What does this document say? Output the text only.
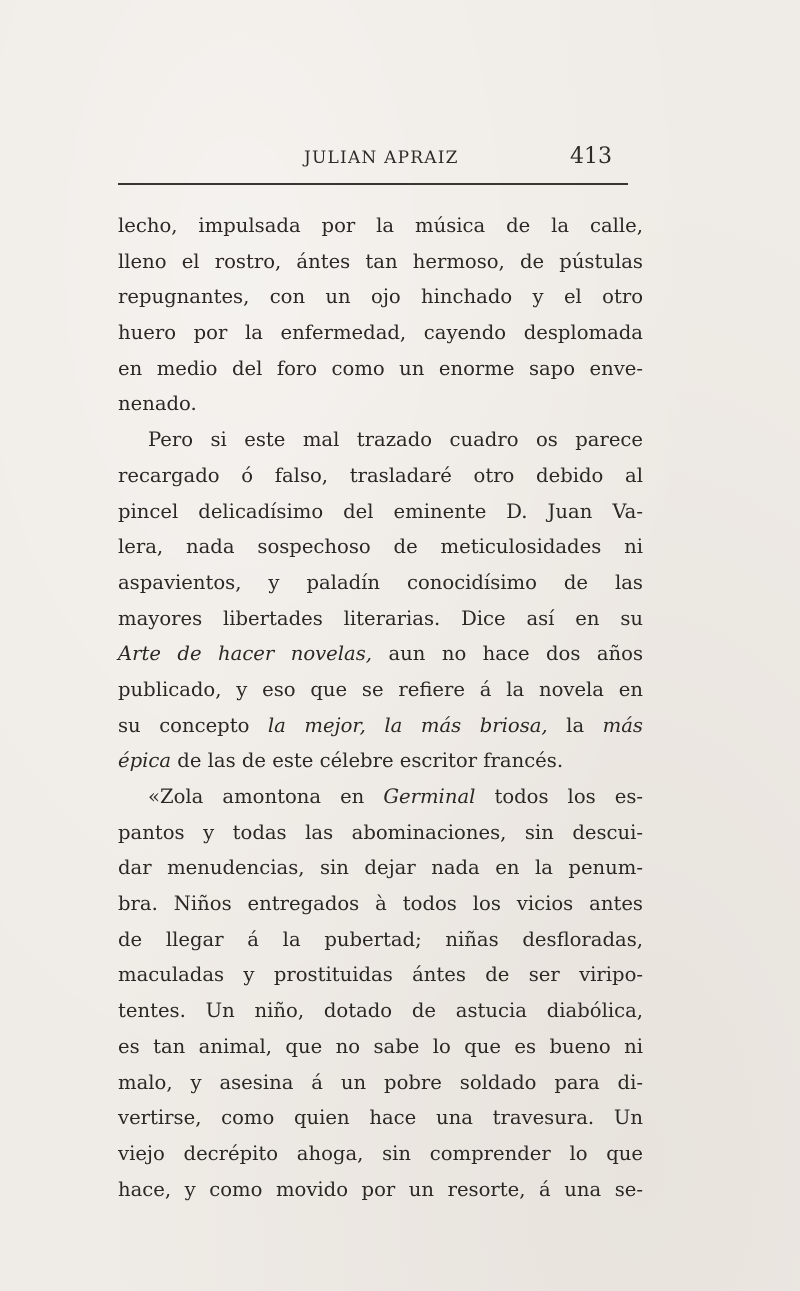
JULIAN APRAIZ	413
lecho, impulsada por la música de la calle,
lleno el rostro, ántes tan hermoso, de pústulas
repugnantes, con un ojo hinchado y el otro
huero por la enfermedad, cayendo desplomada
en medio del foro como un enorme sapo enve-
nenado.
Pero si este mal trazado cuadro os parece
recargado ó falso, trasladaré otro debido al
pincel delicadísimo del eminente D. Juan Va-
lera, nada sospechoso de meticulosidades ni
aspavientos, y paladín conocidísimo de las
mayores libertades literarias. Dice así en su
Arte de hacer novelas, aun no hace dos años
publicado, y eso que se refiere á la novela en
su concepto la mejor, la más briosa, la más
épica de las de este célebre escritor francés.
«Zola amontona en Germinal todos los es-
pantos y todas las abominaciones, sin descui-
dar menudencias, sin dejar nada en la penum-
bra. Niños entregados à todos los vicios antes
de llegar á la pubertad; niñas desfloradas,
maculadas y prostituidas ántes de ser viripo-
tentes. Un niño, dotado de astucia diabólica,
es tan animal, que no sabe lo que es bueno ni
malo, y asesina á un pobre soldado para di-
vertirse, como quien hace una travesura. Un
viejo decrépito ahoga, sin comprender lo que
hace, y como movido por un resorte, á una se-
